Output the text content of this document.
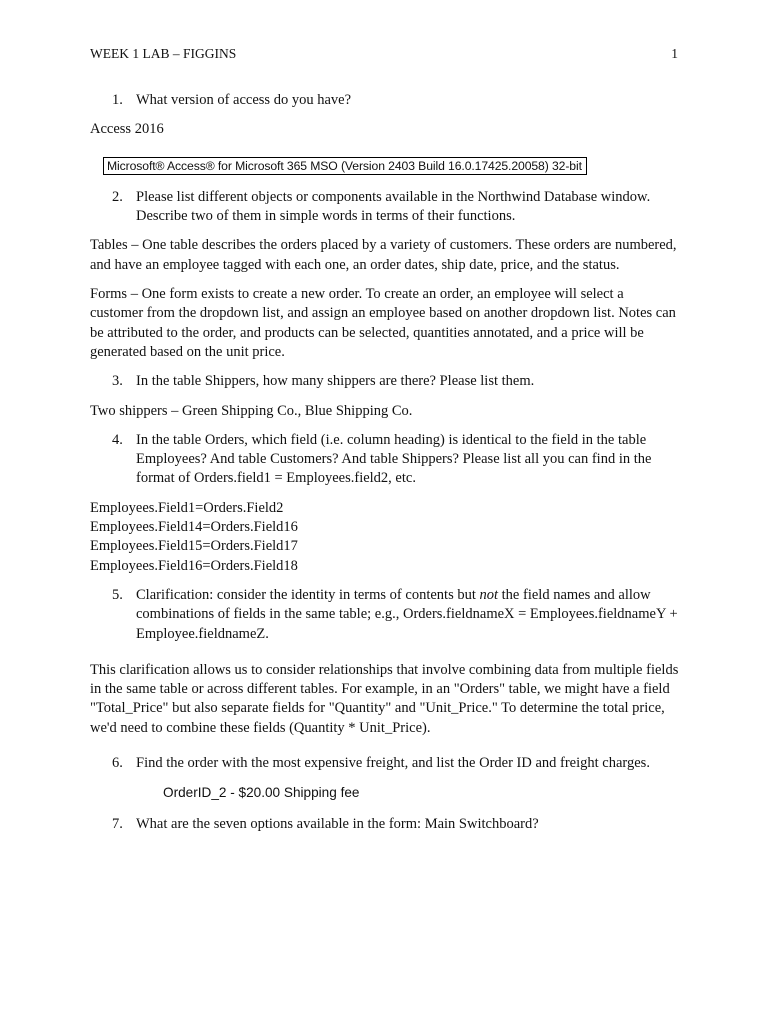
WEEK 1 LAB – FIGGINS	1
1. What version of access do you have?
Access 2016
Microsoft® Access® for Microsoft 365 MSO (Version 2403 Build 16.0.17425.20058) 32-bit
2. Please list different objects or components available in the Northwind Database window. Describe two of them in simple words in terms of their functions.
Tables – One table describes the orders placed by a variety of customers. These orders are numbered, and have an employee tagged with each one, an order dates, ship date, price, and the status.
Forms – One form exists to create a new order. To create an order, an employee will select a customer from the dropdown list, and assign an employee based on another dropdown list. Notes can be attributed to the order, and products can be selected, quantities annotated, and a price will be generated based on the unit price.
3. In the table Shippers, how many shippers are there? Please list them.
Two shippers – Green Shipping Co., Blue Shipping Co.
4. In the table Orders, which field (i.e. column heading) is identical to the field in the table Employees? And table Customers? And table Shippers? Please list all you can find in the format of Orders.field1 = Employees.field2, etc.
Employees.Field1=Orders.Field2
Employees.Field14=Orders.Field16
Employees.Field15=Orders.Field17
Employees.Field16=Orders.Field18
5. Clarification: consider the identity in terms of contents but not the field names and allow combinations of fields in the same table; e.g., Orders.fieldnameX = Employees.fieldnameY + Employee.fieldnameZ.
This clarification allows us to consider relationships that involve combining data from multiple fields in the same table or across different tables. For example, in an "Orders" table, we might have a field "Total_Price" but also separate fields for "Quantity" and "Unit_Price." To determine the total price, we'd need to combine these fields (Quantity * Unit_Price).
6. Find the order with the most expensive freight, and list the Order ID and freight charges.
OrderID_2 - $20.00 Shipping fee
7. What are the seven options available in the form: Main Switchboard?
